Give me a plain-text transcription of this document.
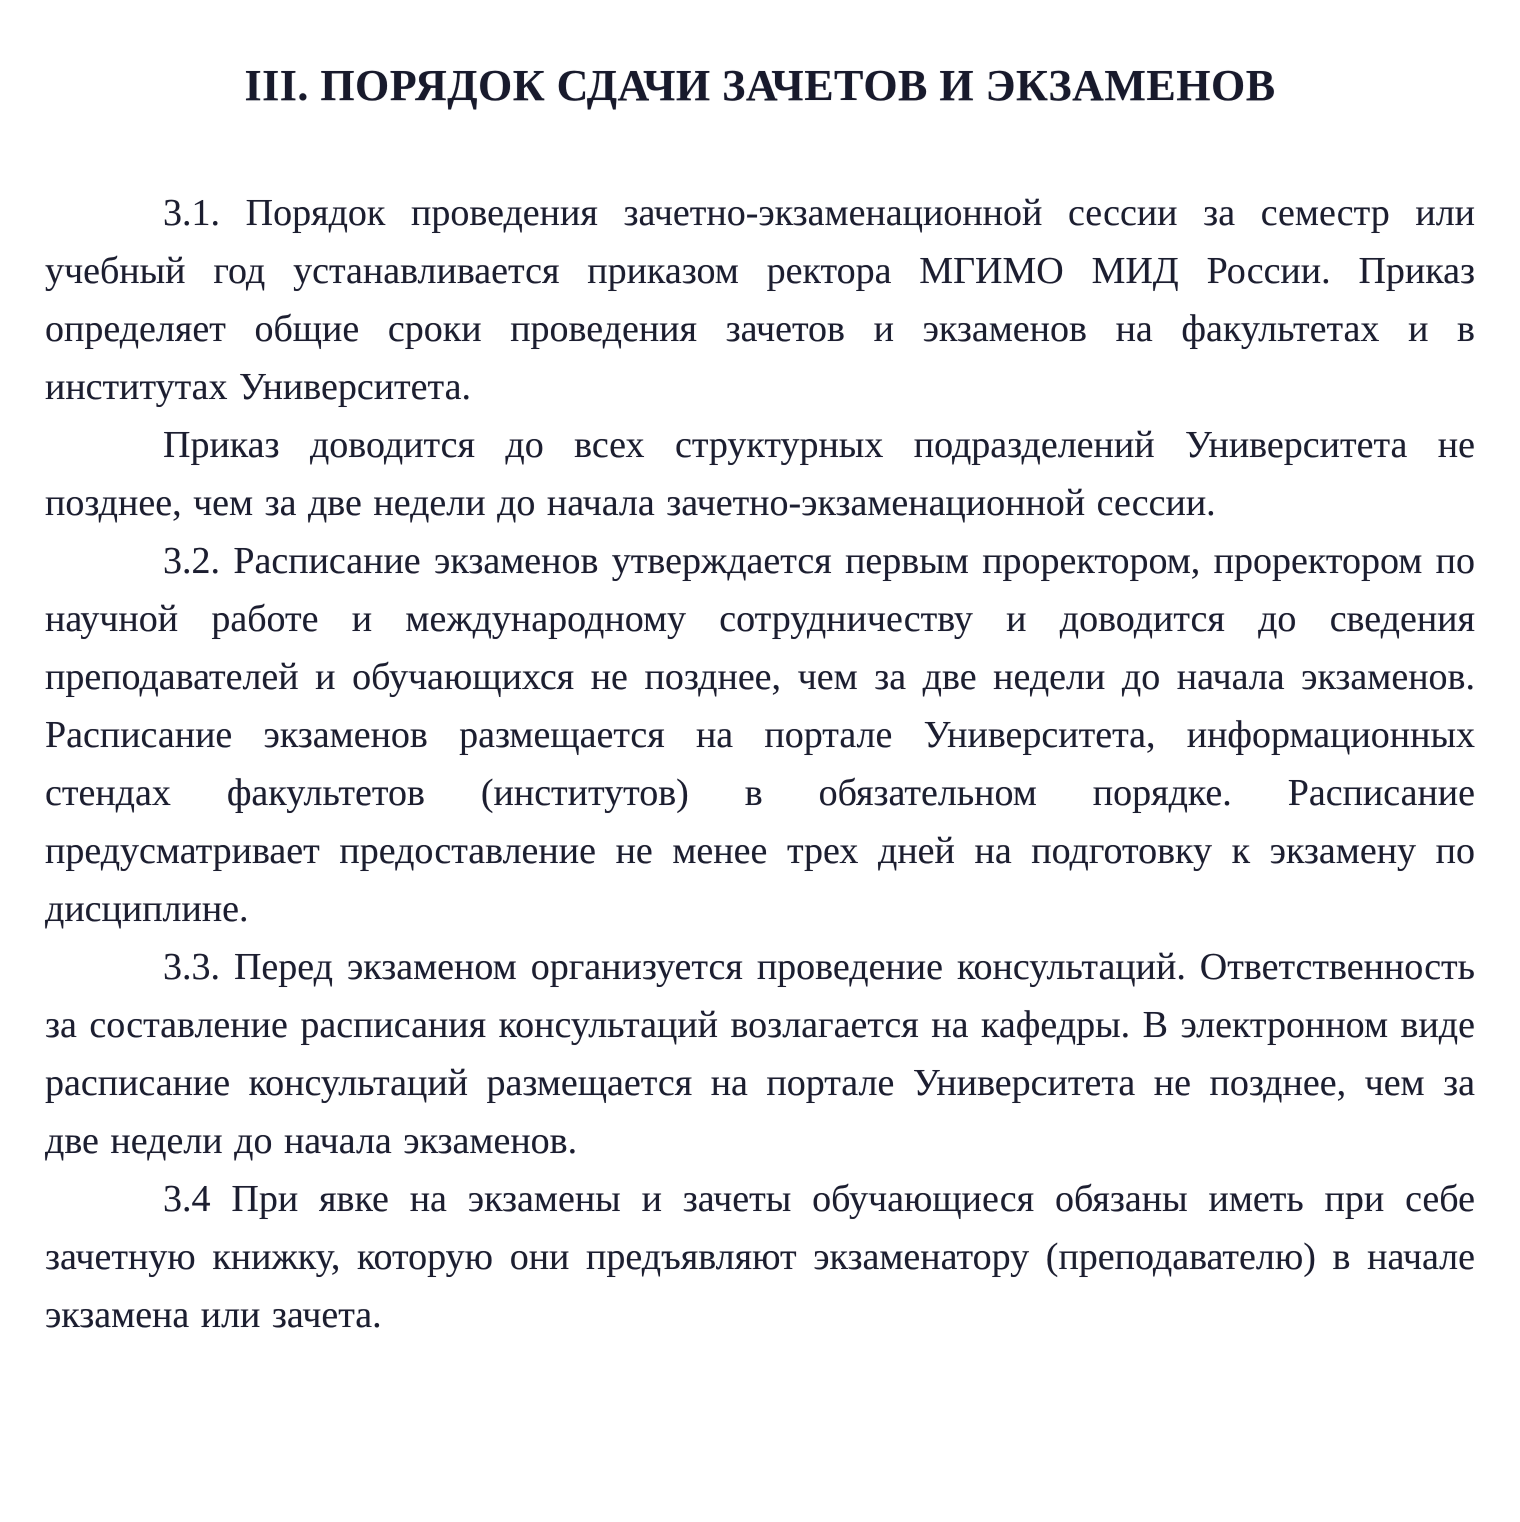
III. ПОРЯДОК СДАЧИ ЗАЧЕТОВ И ЭКЗАМЕНОВ

3.1. Порядок проведения зачетно-экзаменационной сессии за семестр или учебный год устанавливается приказом ректора МГИМО МИД России. Приказ определяет общие сроки проведения зачетов и экзаменов на факультетах и в институтах Университета.

Приказ доводится до всех структурных подразделений Университета не позднее, чем за две недели до начала зачетно-экзаменационной сессии.

3.2. Расписание экзаменов утверждается первым проректором, проректором по научной работе и международному сотрудничеству и доводится до сведения преподавателей и обучающихся не позднее, чем за две недели до начала экзаменов. Расписание экзаменов размещается на портале Университета, информационных стендах факультетов (институтов) в обязательном порядке. Расписание предусматривает предоставление не менее трех дней на подготовку к экзамену по дисциплине.

3.3. Перед экзаменом организуется проведение консультаций. Ответственность за составление расписания консультаций возлагается на кафедры. В электронном виде расписание консультаций размещается на портале Университета не позднее, чем за две недели до начала экзаменов.

3.4 При явке на экзамены и зачеты обучающиеся обязаны иметь при себе зачетную книжку, которую они предъявляют экзаменатору (преподавателю) в начале экзамена или зачета.
